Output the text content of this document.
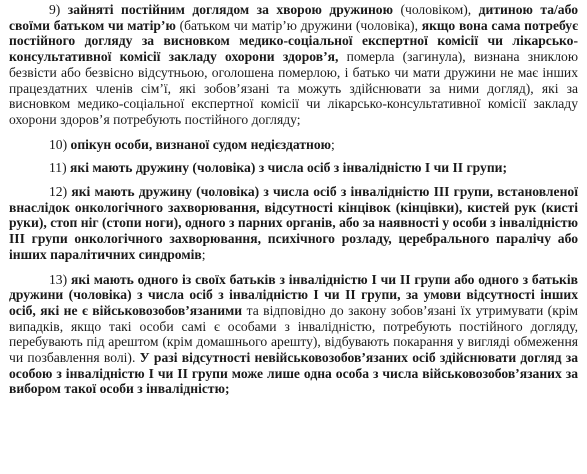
9) зайняті постійним доглядом за хворою дружиною (чоловіком), дитиною та/або своїми батьком чи матір’ю (батьком чи матір’ю дружини (чоловіка), якщо вона сама потребує постійного догляду за висновком медико-соціальної експертної комісії чи лікарсько-консультативної комісії закладу охорони здоров’я, померла (загинула), визнана зниклою безвісти або безвісно відсутньою, оголошена померлою, і батько чи мати дружини не має інших працездатних членів сім’ї, які зобов’язані та можуть здійснювати за ними догляд), які за висновком медико-соціальної експертної комісії чи лікарсько-консультативної комісії закладу охорони здоров’я потребують постійного догляду;

10) опікун особи, визнаної судом недієздатною;

11) які мають дружину (чоловіка) з числа осіб з інвалідністю I чи II групи;

12) які мають дружину (чоловіка) з числа осіб з інвалідністю III групи, встановленої внаслідок онкологічного захворювання, відсутності кінцівок (кінцівки), кистей рук (кисті руки), стоп ніг (стопи ноги), одного з парних органів, або за наявності у особи з інвалідністю III групи онкологічного захворювання, психічного розладу, церебрального паралічу або інших паралітичних синдромів;

13) які мають одного із своїх батьків з інвалідністю I чи II групи або одного з батьків дружини (чоловіка) з числа осіб з інвалідністю I чи II групи, за умови відсутності інших осіб, які не є військовозобов’язаними та відповідно до закону зобов’язані їх утримувати (крім випадків, якщо такі особи самі є особами з інвалідністю, потребують постійного догляду, перебувають під арештом (крім домашнього арешту), відбувають покарання у вигляді обмеження чи позбавлення волі). У разі відсутності невійськовозобов’язаних осіб здійснювати догляд за особою з інвалідністю I чи II групи може лише одна особа з числа військовозобов’язаних за вибором такої особи з інвалідністю;
